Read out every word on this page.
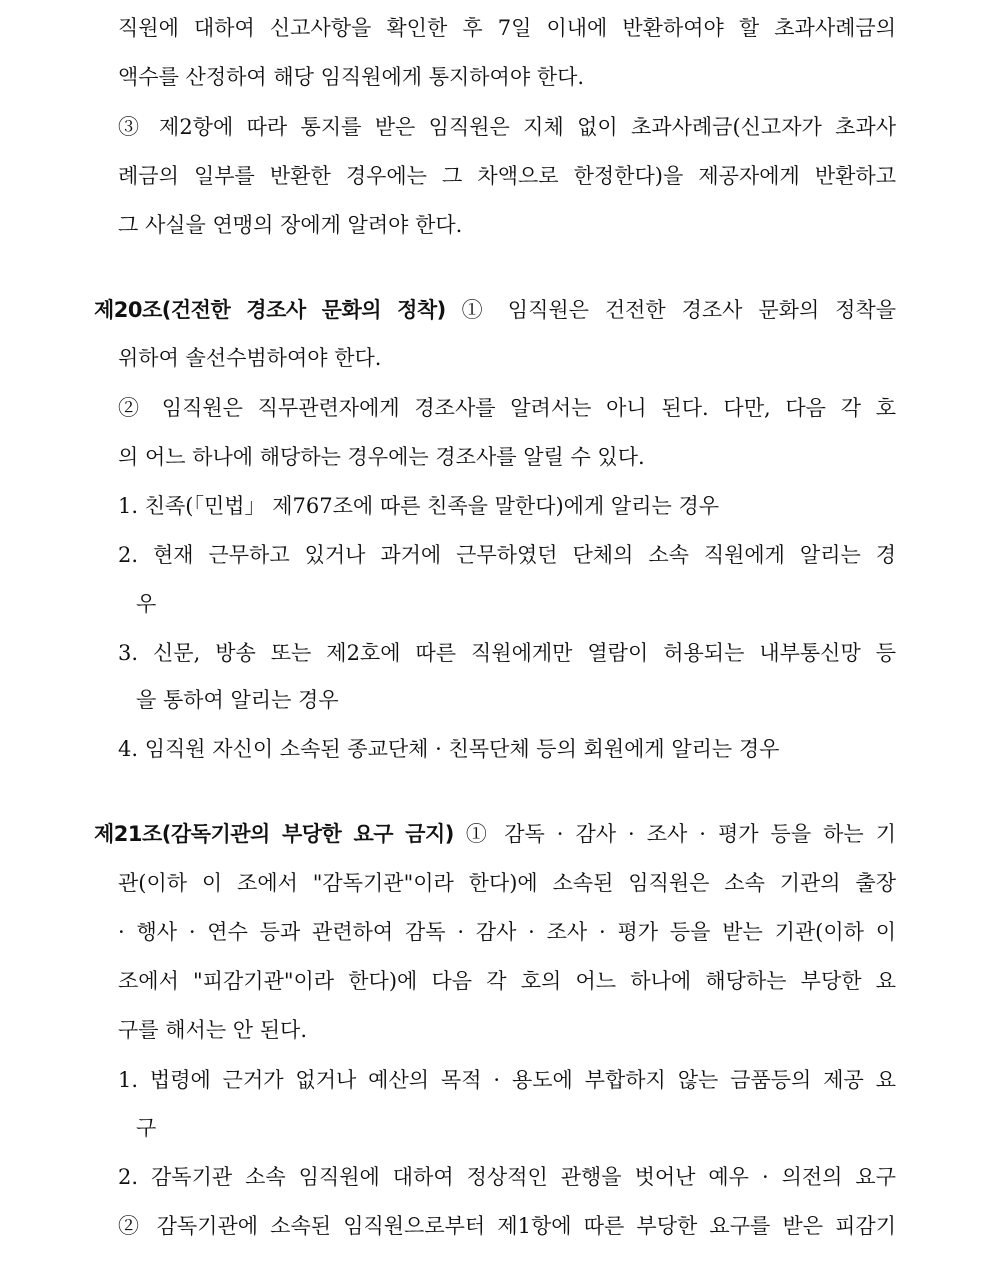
직원에 대하여 신고사항을 확인한 후 7일 이내에 반환하여야 할 초과사례금의
액수를 산정하여 해당 임직원에게 통지하여야 한다.
③ 제2항에 따라 통지를 받은 임직원은 지체 없이 초과사례금(신고자가 초과사
례금의 일부를 반환한 경우에는 그 차액으로 한정한다)을 제공자에게 반환하고
그 사실을 연맹의 장에게 알려야 한다.
제20조(건전한 경조사 문화의 정착) ① 임직원은 건전한 경조사 문화의 정착을
위하여 솔선수범하여야 한다.
② 임직원은 직무관련자에게 경조사를 알려서는 아니 된다. 다만, 다음 각 호
의 어느 하나에 해당하는 경우에는 경조사를 알릴 수 있다.
1. 친족(「민법」 제767조에 따른 친족을 말한다)에게 알리는 경우
2. 현재 근무하고 있거나 과거에 근무하였던 단체의 소속 직원에게 알리는 경
우
3. 신문, 방송 또는 제2호에 따른 직원에게만 열람이 허용되는 내부통신망 등
을 통하여 알리는 경우
4. 임직원 자신이 소속된 종교단체 · 친목단체 등의 회원에게 알리는 경우
제21조(감독기관의 부당한 요구 금지) ① 감독 · 감사 · 조사 · 평가 등을 하는 기
관(이하 이 조에서 "감독기관"이라 한다)에 소속된 임직원은 소속 기관의 출장
· 행사 · 연수 등과 관련하여 감독 · 감사 · 조사 · 평가 등을 받는 기관(이하 이
조에서 "피감기관"이라 한다)에 다음 각 호의 어느 하나에 해당하는 부당한 요
구를 해서는 안 된다.
1. 법령에 근거가 없거나 예산의 목적 · 용도에 부합하지 않는 금품등의 제공 요
구
2. 감독기관 소속 임직원에 대하여 정상적인 관행을 벗어난 예우 · 의전의 요구
② 감독기관에 소속된 임직원으로부터 제1항에 따른 부당한 요구를 받은 피감기
